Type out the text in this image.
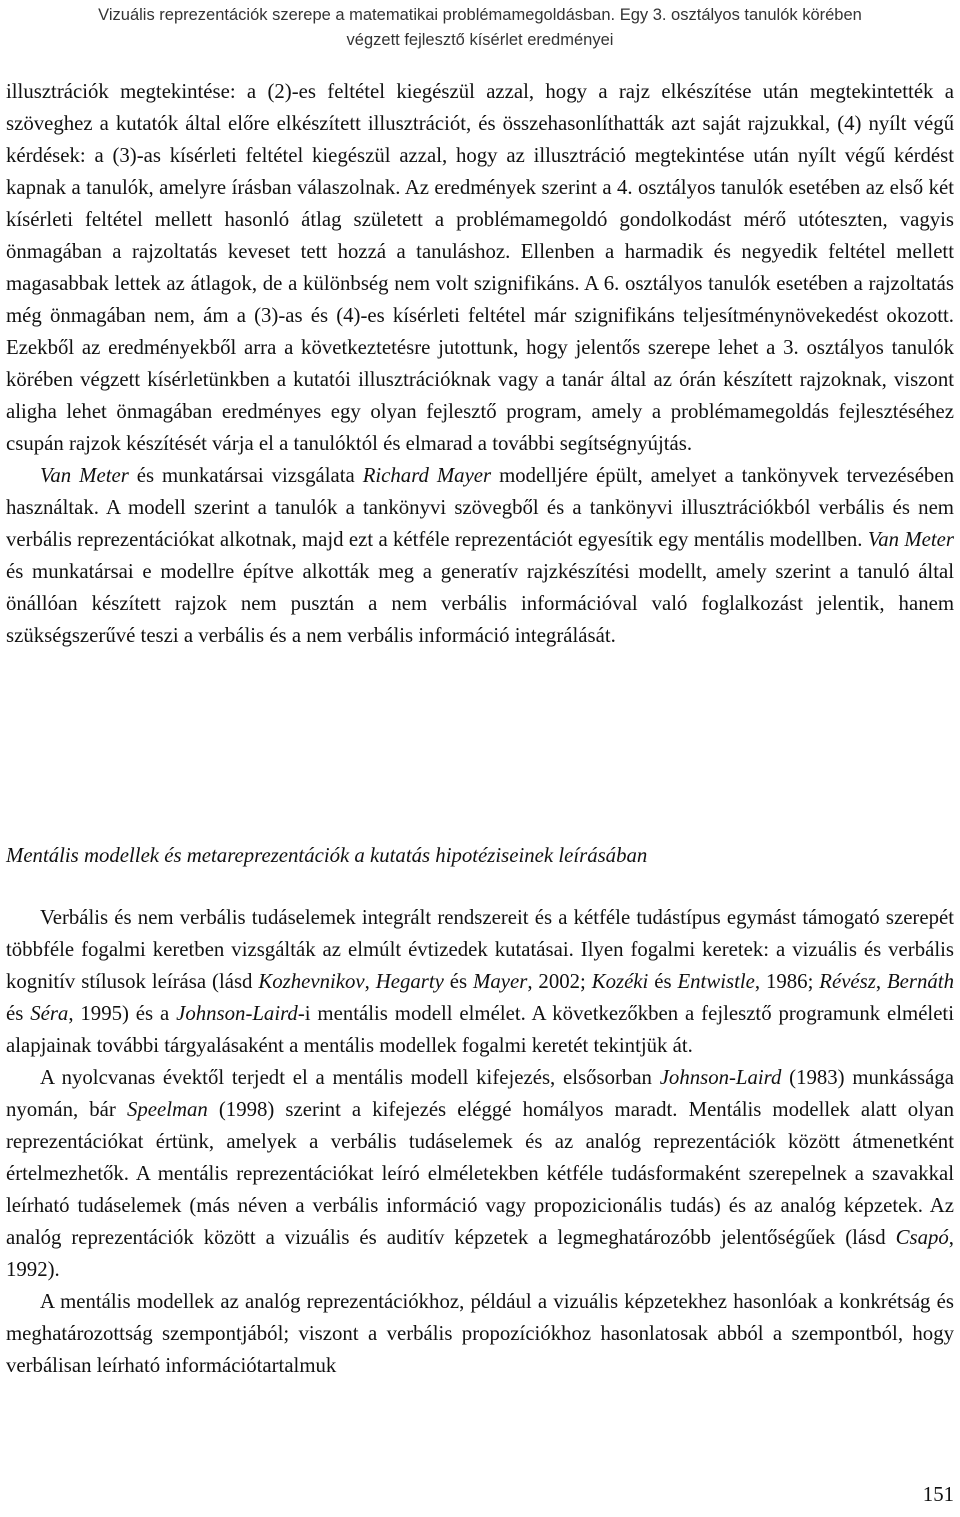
Vizuális reprezentációk szerepe a matematikai problémamegoldásban. Egy 3. osztályos tanulók körében
végzett fejlesztő kísérlet eredményei

illusztrációk megtekintése: a (2)-es feltétel kiegészül azzal, hogy a rajz elkészítése után megtekintették a szöveghez a kutatók által előre elkészített illusztrációt, és összehasonlíthatták azt saját rajzukkal, (4) nyílt végű kérdések: a (3)-as kísérleti feltétel kiegészül azzal, hogy az illusztráció megtekintése után nyílt végű kérdést kapnak a tanulók, amelyre írásban válaszolnak. Az eredmények szerint a 4. osztályos tanulók esetében az első két kísérleti feltétel mellett hasonló átlag született a problémamegoldó gondolkodást mérő utóteszten, vagyis önmagában a rajzoltatás keveset tett hozzá a tanuláshoz. Ellenben a harmadik és negyedik feltétel mellett magasabbak lettek az átlagok, de a különbség nem volt szignifikáns. A 6. osztályos tanulók esetében a rajzoltatás még önmagában nem, ám a (3)-as és (4)-es kísérleti feltétel már szignifikáns teljesítménynövekedést okozott. Ezekből az eredményekből arra a következtetésre jutottunk, hogy jelentős szerepe lehet a 3. osztályos tanulók körében végzett kísérletünkben a kutatói illusztrációknak vagy a tanár által az órán készített rajzoknak, viszont aligha lehet önmagában eredményes egy olyan fejlesztő program, amely a problémamegoldás fejlesztéséhez csupán rajzok készítését várja el a tanulóktól és elmarad a további segítségnyújtás.

Van Meter és munkatársai vizsgálata Richard Mayer modelljére épült, amelyet a tankönyvek tervezésében használtak. A modell szerint a tanulók a tankönyvi szövegből és a tankönyvi illusztrációkból verbális és nem verbális reprezentációkat alkotnak, majd ezt a kétféle reprezentációt egyesítik egy mentális modellben. Van Meter és munkatársai e modellre építve alkották meg a generatív rajzkészítési modellt, amely szerint a tanuló által önállóan készített rajzok nem pusztán a nem verbális információval való foglalkozást jelentik, hanem szükségszerűvé teszi a verbális és a nem verbális információ integrálását.

Mentális modellek és metareprezentációk a kutatás hipotéziseinek leírásában

Verbális és nem verbális tudáselemek integrált rendszereit és a kétféle tudástípus egymást támogató szerepét többféle fogalmi keretben vizsgálták az elmúlt évtizedek kutatásai. Ilyen fogalmi keretek: a vizuális és verbális kognitív stílusok leírása (lásd Kozhevnikov, Hegarty és Mayer, 2002; Kozéki és Entwistle, 1986; Révész, Bernáth és Séra, 1995) és a Johnson-Laird-i mentális modell elmélet. A következőkben a fejlesztő programunk elméleti alapjainak további tárgyalásaként a mentális modellek fogalmi keretét tekintjük át.

A nyolcvanas évektől terjedt el a mentális modell kifejezés, elsősorban Johnson-Laird (1983) munkássága nyomán, bár Speelman (1998) szerint a kifejezés eléggé homályos maradt. Mentális modellek alatt olyan reprezentációkat értünk, amelyek a verbális tudáselemek és az analóg reprezentációk között átmenetként értelmezhetők. A mentális reprezentációkat leíró elméletekben kétféle tudásformaként szerepelnek a szavakkal leírható tudáselemek (más néven a verbális információ vagy propozicionális tudás) és az analóg képzetek. Az analóg reprezentációk között a vizuális és auditív képzetek a legmeghatározóbb jelentőségűek (lásd Csapó, 1992).

A mentális modellek az analóg reprezentációkhoz, például a vizuális képzetekhez hasonlóak a konkrétság és meghatározottság szempontjából; viszont a verbális propozíciókhoz hasonlatosak abból a szempontból, hogy verbálisan leírható információtartalmuk

151
